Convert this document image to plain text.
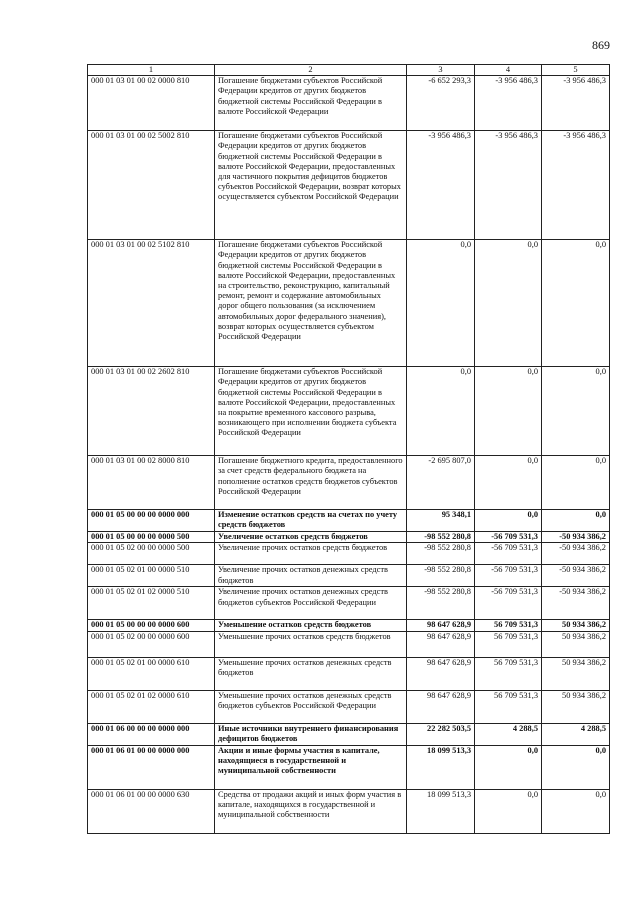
869
1	2	3	4	5
000 01 03 01 00 02 0000 810	Погашение бюджетами субъектов Российской Федерации кредитов от других бюджетов бюджетной системы Российской Федерации в валюте Российской Федерации	-6 652 293,3	-3 956 486,3	-3 956 486,3
000 01 03 01 00 02 5002 810	Погашение бюджетами субъектов Российской Федерации кредитов от других бюджетов бюджетной системы Российской Федерации в валюте Российской Федерации, предоставленных для частичного покрытия дефицитов бюджетов субъектов Российской Федерации, возврат которых осуществляется субъектом Российской Федерации	-3 956 486,3	-3 956 486,3	-3 956 486,3
000 01 03 01 00 02 5102 810	Погашение бюджетами субъектов Российской Федерации кредитов от других бюджетов бюджетной системы Российской Федерации в валюте Российской Федерации, предоставленных на строительство, реконструкцию, капитальный ремонт, ремонт и содержание автомобильных дорог общего пользования (за исключением автомобильных дорог федерального значения), возврат которых осуществляется субъектом Российской Федерации	0,0	0,0	0,0
000 01 03 01 00 02 2602 810	Погашение бюджетами субъектов Российской Федерации кредитов от других бюджетов бюджетной системы Российской Федерации в валюте Российской Федерации, предоставленных на покрытие временного кассового разрыва, возникающего при исполнении бюджета субъекта Российской Федерации	0,0	0,0	0,0
000 01 03 01 00 02 8000 810	Погашение бюджетного кредита, предоставленного за счет средств федерального бюджета на пополнение остатков средств бюджетов субъектов Российской Федерации	-2 695 807,0	0,0	0,0
000 01 05 00 00 00 0000 000	Изменение остатков средств на счетах по учету средств бюджетов	95 348,1	0,0	0,0
000 01 05 00 00 00 0000 500	Увеличение остатков средств бюджетов	-98 552 280,8	-56 709 531,3	-50 934 386,2
000 01 05 02 00 00 0000 500	Увеличение прочих остатков средств бюджетов	-98 552 280,8	-56 709 531,3	-50 934 386,2
000 01 05 02 01 00 0000 510	Увеличение прочих остатков денежных средств бюджетов	-98 552 280,8	-56 709 531,3	-50 934 386,2
000 01 05 02 01 02 0000 510	Увеличение прочих остатков денежных средств бюджетов субъектов Российской Федерации	-98 552 280,8	-56 709 531,3	-50 934 386,2
000 01 05 00 00 00 0000 600	Уменьшение остатков средств бюджетов	98 647 628,9	56 709 531,3	50 934 386,2
000 01 05 02 00 00 0000 600	Уменьшение прочих остатков средств бюджетов	98 647 628,9	56 709 531,3	50 934 386,2
000 01 05 02 01 00 0000 610	Уменьшение прочих остатков денежных средств бюджетов	98 647 628,9	56 709 531,3	50 934 386,2
000 01 05 02 01 02 0000 610	Уменьшение прочих остатков денежных средств бюджетов субъектов Российской Федерации	98 647 628,9	56 709 531,3	50 934 386,2
000 01 06 00 00 00 0000 000	Иные источники внутреннего финансирования дефицитов бюджетов	22 282 503,5	4 288,5	4 288,5
000 01 06 01 00 00 0000 000	Акции и иные формы участия в капитале, находящиеся в государственной и муниципальной собственности	18 099 513,3	0,0	0,0
000 01 06 01 00 00 0000 630	Средства от продажи акций и иных форм участия в капитале, находящихся в государственной и муниципальной собственности	18 099 513,3	0,0	0,0
